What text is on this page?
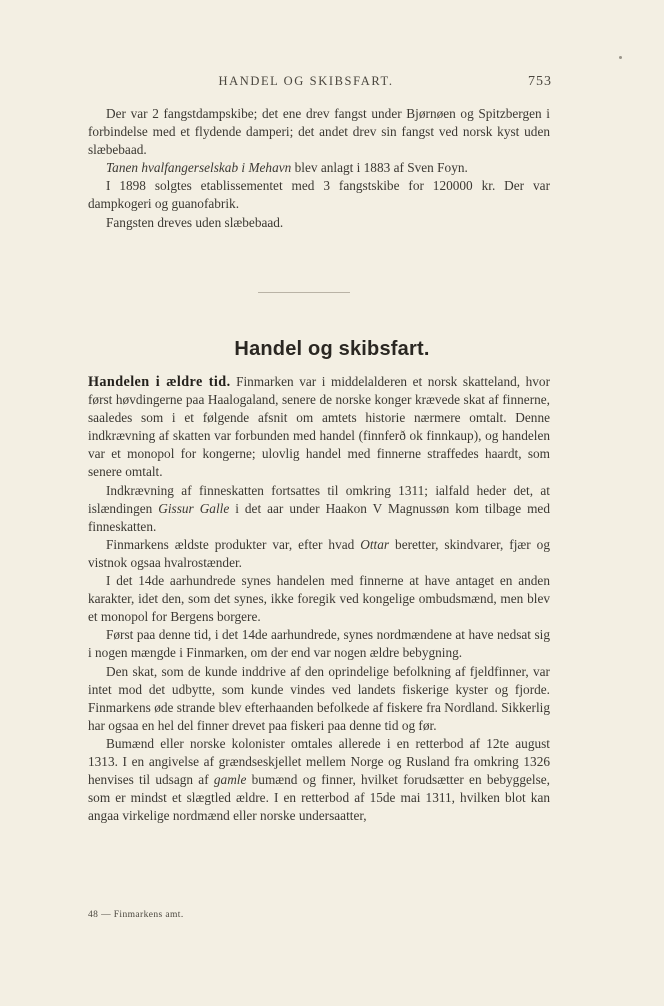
HANDEL OG SKIBSFART.	753

Der var 2 fangstdampskibe; det ene drev fangst under Bjørnøen og Spitzbergen i forbindelse med et flydende damperi; det andet drev sin fangst ved norsk kyst uden slæbebaad.

Tanen hvalfangerselskab i Mehavn blev anlagt i 1883 af Sven Foyn.

I 1898 solgtes etablissementet med 3 fangstskibe for 120000 kr. Der var dampkogeri og guanofabrik.

Fangsten dreves uden slæbebaad.

Handel og skibsfart.

Handelen i ældre tid. Finmarken var i middelalderen et norsk skatteland, hvor først høvdingerne paa Haalogaland, senere de norske konger krævede skat af finnerne, saaledes som i et følgende afsnit om amtets historie nærmere omtalt. Denne indkrævning af skatten var forbunden med handel (finnferð ok finnkaup), og handelen var et monopol for kongerne; ulovlig handel med finnerne straffedes haardt, som senere omtalt.

Indkrævning af finneskatten fortsattes til omkring 1311; ialfald heder det, at islændingen Gissur Galle i det aar under Haakon V Magnussøn kom tilbage med finneskatten.

Finmarkens ældste produkter var, efter hvad Ottar beretter, skindvarer, fjær og vistnok ogsaa hvalrostænder.

I det 14de aarhundrede synes handelen med finnerne at have antaget en anden karakter, idet den, som det synes, ikke foregik ved kongelige ombudsmænd, men blev et monopol for Bergens borgere.

Først paa denne tid, i det 14de aarhundrede, synes nordmændene at have nedsat sig i nogen mængde i Finmarken, om der end var nogen ældre bebygning.

Den skat, som de kunde inddrive af den oprindelige befolkning af fjeldfinner, var intet mod det udbytte, som kunde vindes ved landets fiskerige kyster og fjorde. Finmarkens øde strande blev efterhaanden befolkede af fiskere fra Nordland. Sikkerlig har ogsaa en hel del finner drevet paa fiskeri paa denne tid og før.

Bumænd eller norske kolonister omtales allerede i en retterbod af 12te august 1313. I en angivelse af grændseskjellet mellem Norge og Rusland fra omkring 1326 henvises til udsagn af gamle bumænd og finner, hvilket forudsætter en bebyggelse, som er mindst et slægtled ældre. I en retterbod af 15de mai 1311, hvilken blot kan angaa virkelige nordmænd eller norske undersaatter,

48 — Finmarkens amt.
